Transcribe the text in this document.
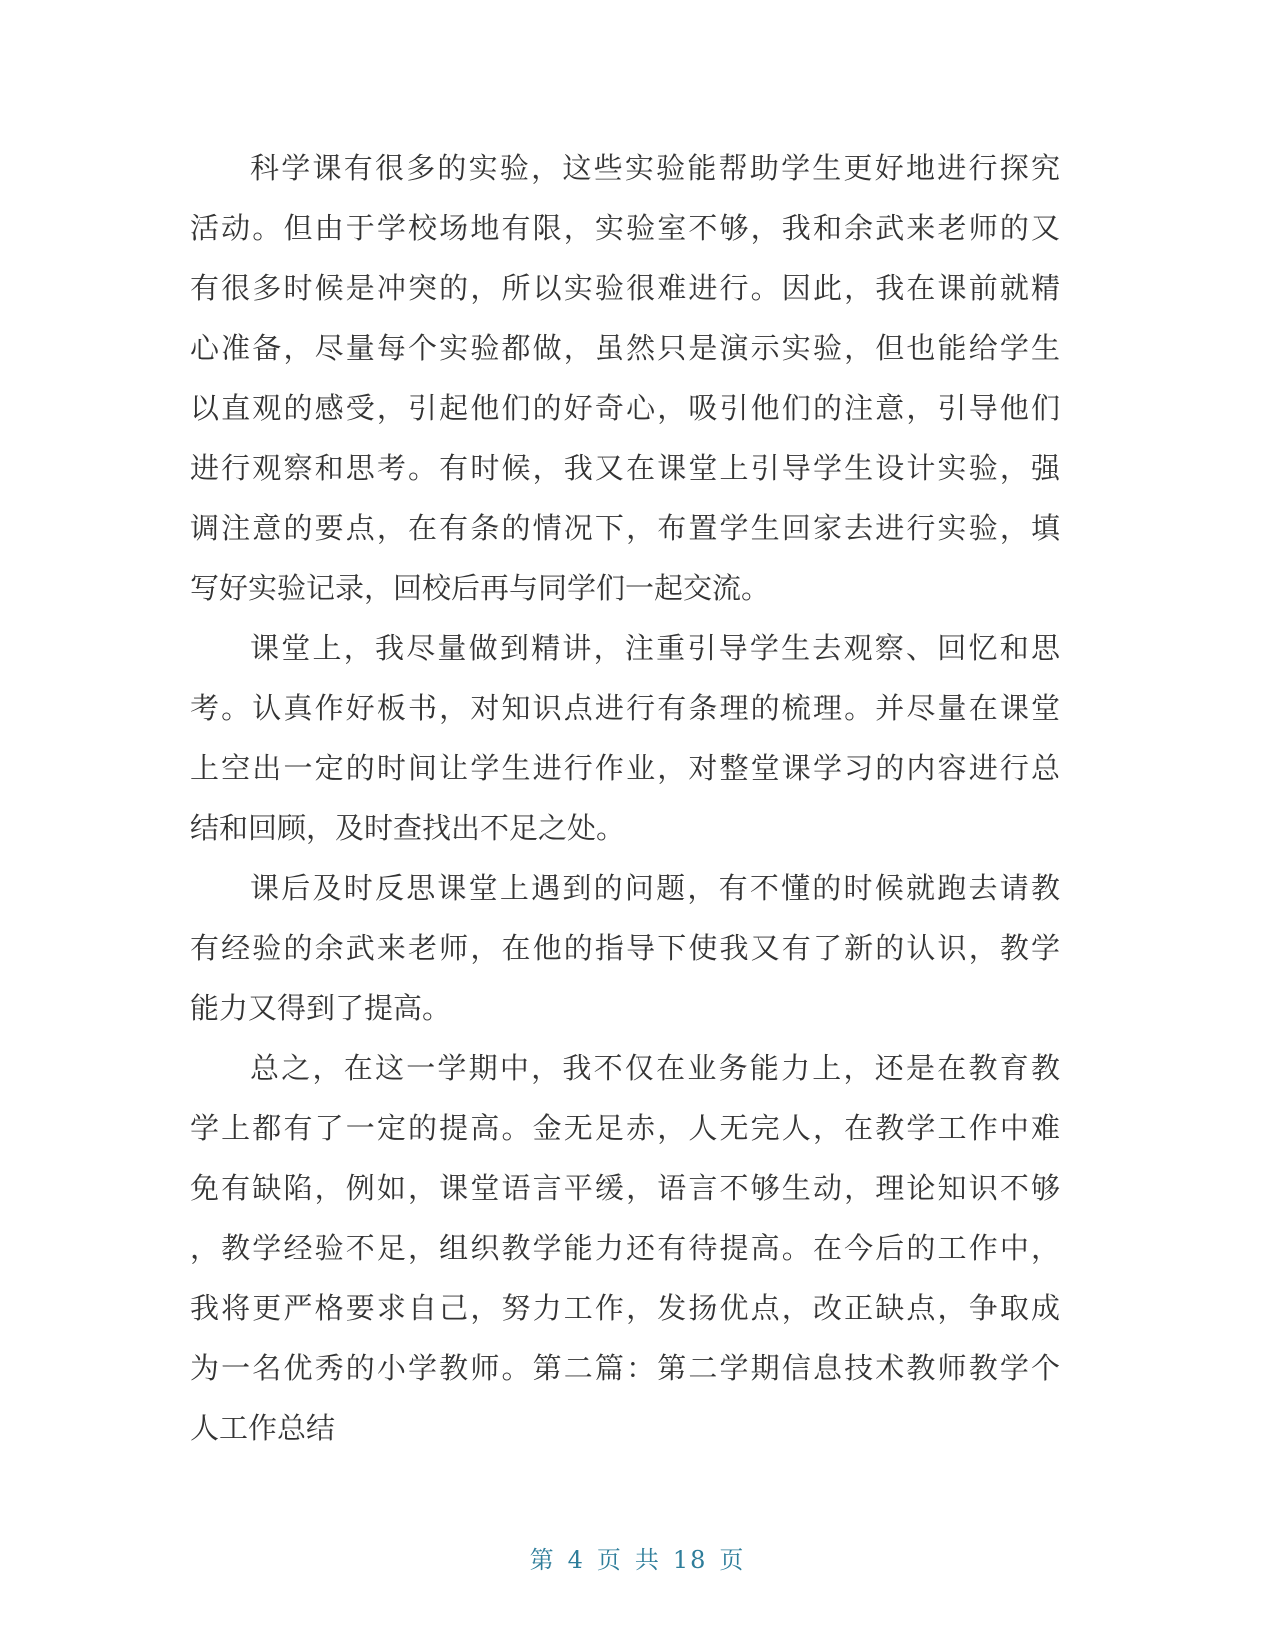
科学课有很多的实验，这些实验能帮助学生更好地进行探究
活动。但由于学校场地有限，实验室不够，我和余武来老师的又
有很多时候是冲突的，所以实验很难进行。因此，我在课前就精
心准备，尽量每个实验都做，虽然只是演示实验，但也能给学生
以直观的感受，引起他们的好奇心，吸引他们的注意，引导他们
进行观察和思考。有时候，我又在课堂上引导学生设计实验，强
调注意的要点，在有条的情况下，布置学生回家去进行实验，填
写好实验记录，回校后再与同学们一起交流。
课堂上，我尽量做到精讲，注重引导学生去观察、回忆和思
考。认真作好板书，对知识点进行有条理的梳理。并尽量在课堂
上空出一定的时间让学生进行作业，对整堂课学习的内容进行总
结和回顾，及时查找出不足之处。
课后及时反思课堂上遇到的问题，有不懂的时候就跑去请教
有经验的余武来老师，在他的指导下使我又有了新的认识，教学
能力又得到了提高。
总之，在这一学期中，我不仅在业务能力上，还是在教育教
学上都有了一定的提高。金无足赤，人无完人，在教学工作中难
免有缺陷，例如，课堂语言平缓，语言不够生动，理论知识不够
，教学经验不足，组织教学能力还有待提高。在今后的工作中，
我将更严格要求自己，努力工作，发扬优点，改正缺点，争取成
为一名优秀的小学教师。第二篇：第二学期信息技术教师教学个
人工作总结
第 4 页 共 18 页
